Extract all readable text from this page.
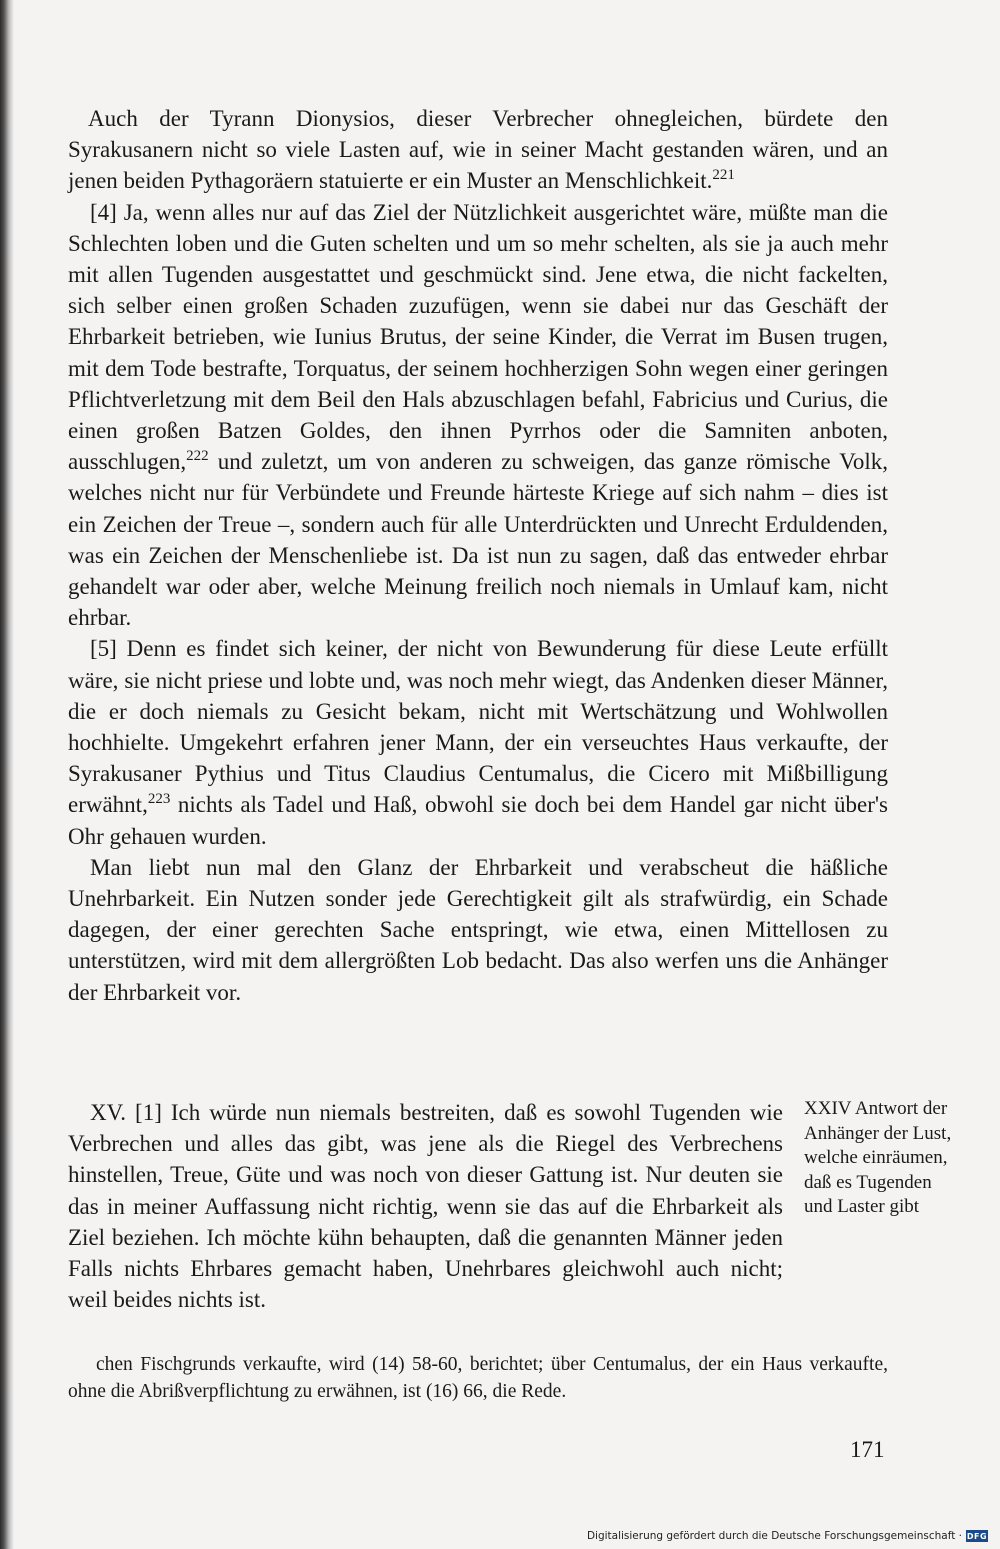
Auch der Tyrann Dionysios, dieser Verbrecher ohnegleichen, bürdete den Syrakusanern nicht so viele Lasten auf, wie in seiner Macht gestanden wären, und an jenen beiden Pythagoräern statuierte er ein Muster an Menschlichkeit.$^{221}$

[4] Ja, wenn alles nur auf das Ziel der Nützlichkeit ausgerichtet wäre, müßte man die Schlechten loben und die Guten schelten und um so mehr schelten, als sie ja auch mehr mit allen Tugenden ausgestattet und geschmückt sind. Jene etwa, die nicht fackelten, sich selber einen großen Schaden zuzufügen, wenn sie dabei nur das Geschäft der Ehrbarkeit betrieben, wie Iunius Brutus, der seine Kinder, die Verrat im Busen trugen, mit dem Tode bestrafte, Torquatus, der seinem hochherzigen Sohn wegen einer geringen Pflichtverletzung mit dem Beil den Hals abzuschlagen befahl, Fabricius und Curius, die einen großen Batzen Goldes, den ihnen Pyrrhos oder die Samniten anboten, ausschlugen,$^{222}$ und zuletzt, um von anderen zu schweigen, das ganze römische Volk, welches nicht nur für Verbündete und Freunde härteste Kriege auf sich nahm – dies ist ein Zeichen der Treue –, sondern auch für alle Unterdrückten und Unrecht Erduldenden, was ein Zeichen der Menschenliebe ist. Da ist nun zu sagen, daß das entweder ehrbar gehandelt war oder aber, welche Meinung freilich noch niemals in Umlauf kam, nicht ehrbar.

[5] Denn es findet sich keiner, der nicht von Bewunderung für diese Leute erfüllt wäre, sie nicht priese und lobte und, was noch mehr wiegt, das Andenken dieser Männer, die er doch niemals zu Gesicht bekam, nicht mit Wertschätzung und Wohlwollen hochhielte. Umgekehrt erfahren jener Mann, der ein verseuchtes Haus verkaufte, der Syrakusaner Pythius und Titus Claudius Centumalus, die Cicero mit Mißbilligung erwähnt,$^{223}$ nichts als Tadel und Haß, obwohl sie doch bei dem Handel gar nicht über's Ohr gehauen wurden.

Man liebt nun mal den Glanz der Ehrbarkeit und verabscheut die häßliche Unehrbarkeit. Ein Nutzen sonder jede Gerechtigkeit gilt als strafwürdig, ein Schade dagegen, der einer gerechten Sache entspringt, wie etwa, einen Mittellosen zu unterstützen, wird mit dem allergrößten Lob bedacht. Das also werfen uns die Anhänger der Ehrbarkeit vor.

XV. [1] Ich würde nun niemals bestreiten, daß es sowohl Tugenden wie Verbrechen und alles das gibt, was jene als die Riegel des Verbrechens hinstellen, Treue, Güte und was noch von dieser Gattung ist. Nur deuten sie das in meiner Auffassung nicht richtig, wenn sie das auf die Ehrbarkeit als Ziel beziehen. Ich möchte kühn behaupten, daß die genannten Männer jeden Falls nichts Ehrbares gemacht haben, Unehrbares gleichwohl auch nicht; weil beides nichts ist.

XXIV Antwort der
Anhänger der Lust,
welche einräumen,
daß es Tugenden
und Laster gibt

chen Fischgrunds verkaufte, wird (14) 58-60, berichtet; über Centumalus, der ein Haus verkaufte, ohne die Abrißverpflichtung zu erwähnen, ist (16) 66, die Rede.

171
Digitalisierung gefördert durch die Deutsche Forschungsgemeinschaft · DFG
